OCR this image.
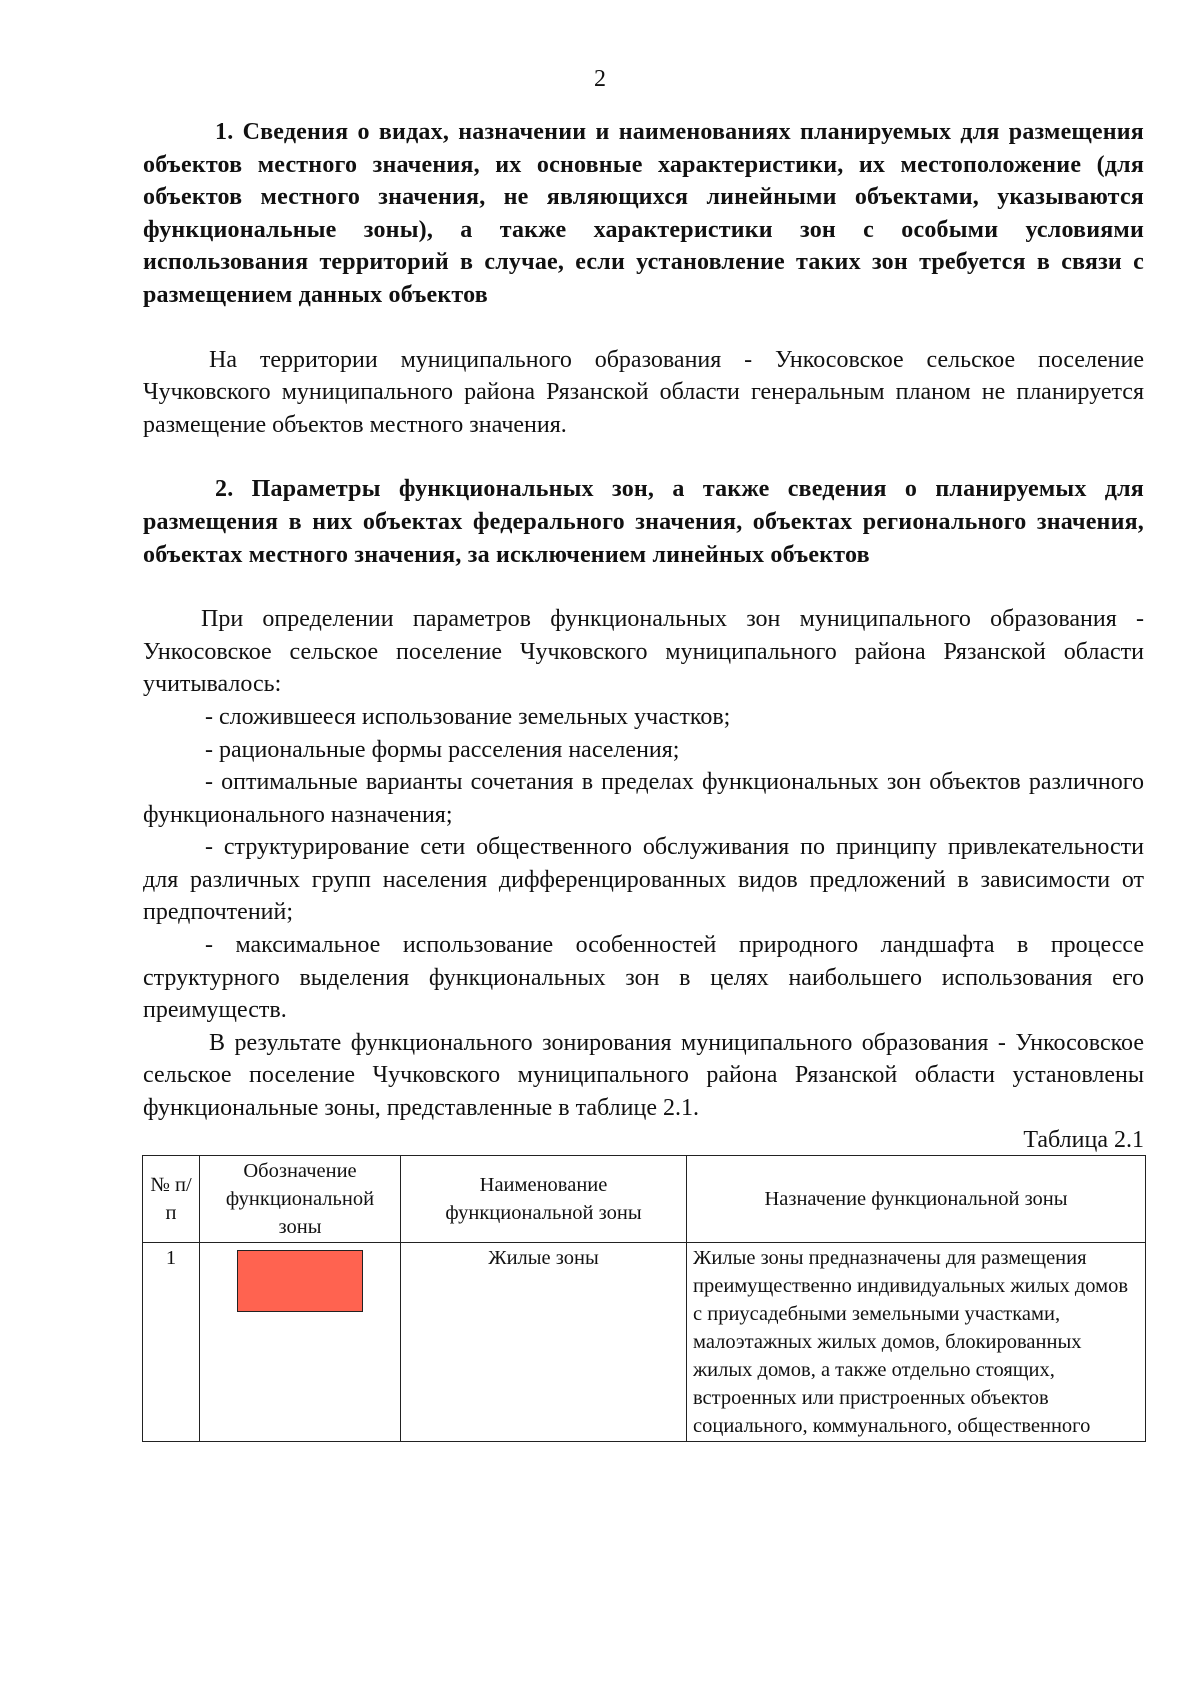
2

1. Сведения о видах, назначении и наименованиях планируемых для размещения объектов местного значения, их основные характеристики, их местоположение (для объектов местного значения, не являющихся линейными объектами, указываются функциональные зоны), а также характеристики зон с особыми условиями использования территорий в случае, если установление таких зон требуется в связи с размещением данных объектов

На территории муниципального образования - Ункосовское сельское поселение Чучковского муниципального района Рязанской области генеральным планом не планируется размещение объектов местного значения.

2. Параметры функциональных зон, а также сведения о планируемых для размещения в них объектах федерального значения, объектах регионального значения, объектах местного значения, за исключением линейных объектов

При определении параметров функциональных зон муниципального образования - Ункосовское сельское поселение Чучковского муниципального района Рязанской области учитывалось:

- сложившееся использование земельных участков;

- рациональные формы расселения населения;

- оптимальные варианты сочетания в пределах функциональных зон объектов различного функционального назначения;

- структурирование сети общественного обслуживания по принципу привлекательности для различных групп населения дифференцированных видов предложений в зависимости от предпочтений;

- максимальное использование особенностей природного ландшафта в процессе структурного выделения функциональных зон в целях наибольшего использования его преимуществ.

В результате функционального зонирования муниципального образования - Ункосовское сельское поселение Чучковского муниципального района Рязанской области установлены функциональные зоны, представленные в таблице 2.1.

Таблица 2.1

№ п/п	Обозначение функциональной зоны	Наименование функциональной зоны	Назначение функциональной зоны
1		Жилые зоны	Жилые зоны предназначены для размещения преимущественно индивидуальных жилых домов с приусадебными земельными участками, малоэтажных жилых домов, блокированных жилых домов, а также отдельно стоящих, встроенных или пристроенных объектов социального, коммунального, общественного
